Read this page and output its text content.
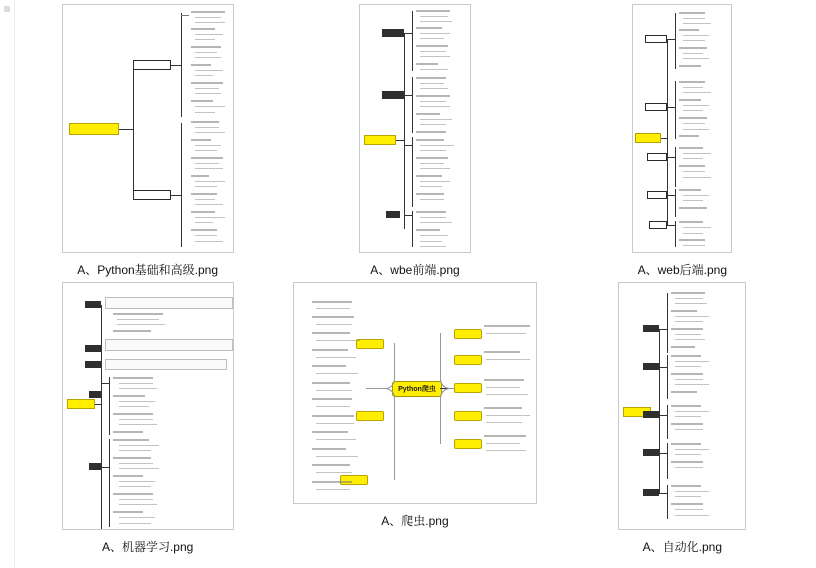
A、Python基础和高级.png	A、wbe前端.png	A、web后端.png
A、机器学习.png
Python爬虫
A、爬虫.png
A、自动化.png
